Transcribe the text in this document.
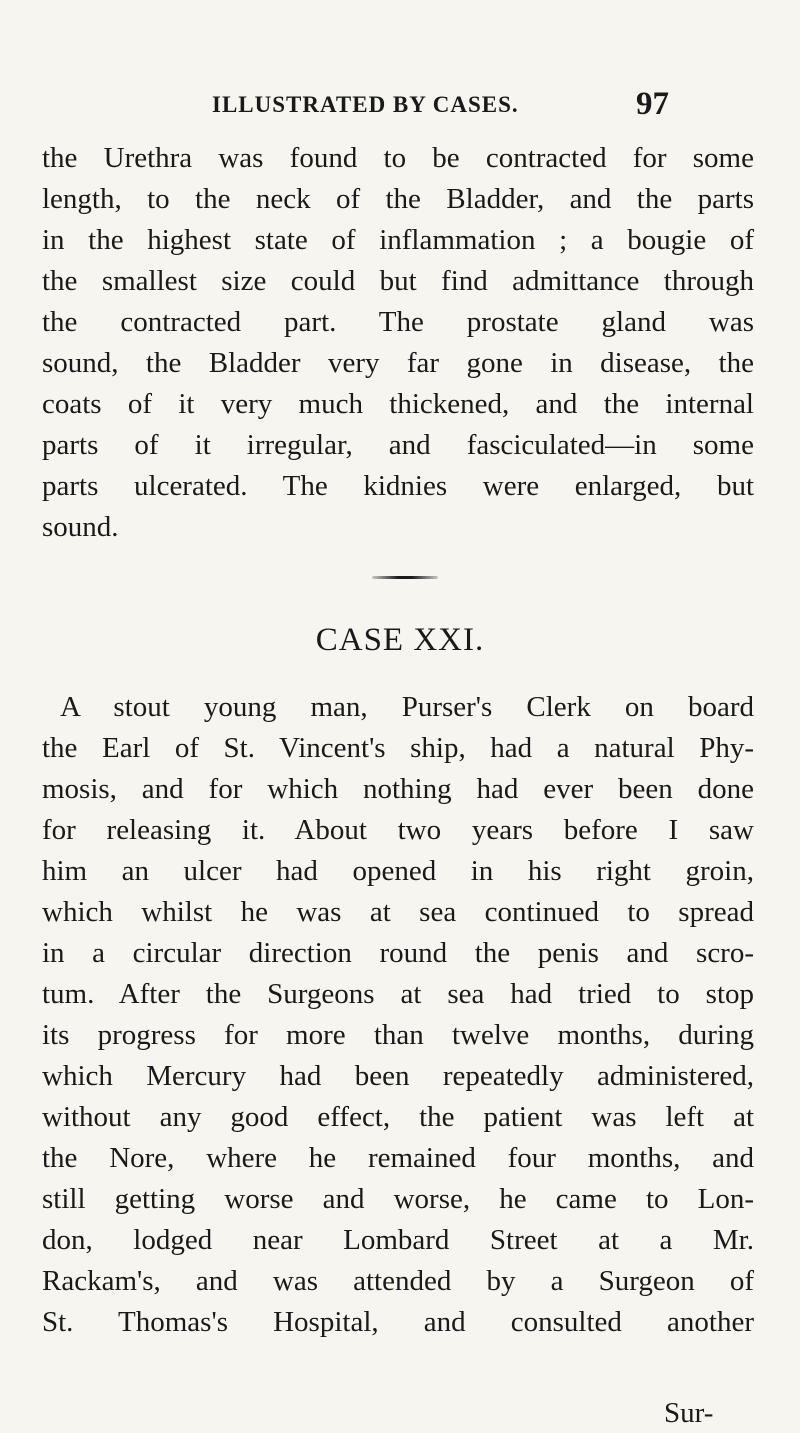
ILLUSTRATED BY CASES.	97
the Urethra was found to be contracted for some
length, to the neck of the Bladder, and the parts
in the highest state of inflammation ; a bougie of
the smallest size could but find admittance through
the contracted part. The prostate gland was
sound, the Bladder very far gone in disease, the
coats of it very much thickened, and the internal
parts of it irregular, and fasciculated—in some
parts ulcerated. The kidnies were enlarged, but
sound.
CASE XXI.
A stout young man, Purser's Clerk on board
the Earl of St. Vincent's ship, had a natural Phy-
mosis, and for which nothing had ever been done
for releasing it. About two years before I saw
him an ulcer had opened in his right groin,
which whilst he was at sea continued to spread
in a circular direction round the penis and scro-
tum. After the Surgeons at sea had tried to stop
its progress for more than twelve months, during
which Mercury had been repeatedly administered,
without any good effect, the patient was left at
the Nore, where he remained four months, and
still getting worse and worse, he came to Lon-
don, lodged near Lombard Street at a Mr.
Rackam's, and was attended by a Surgeon of
St. Thomas's Hospital, and consulted another
Sur-
